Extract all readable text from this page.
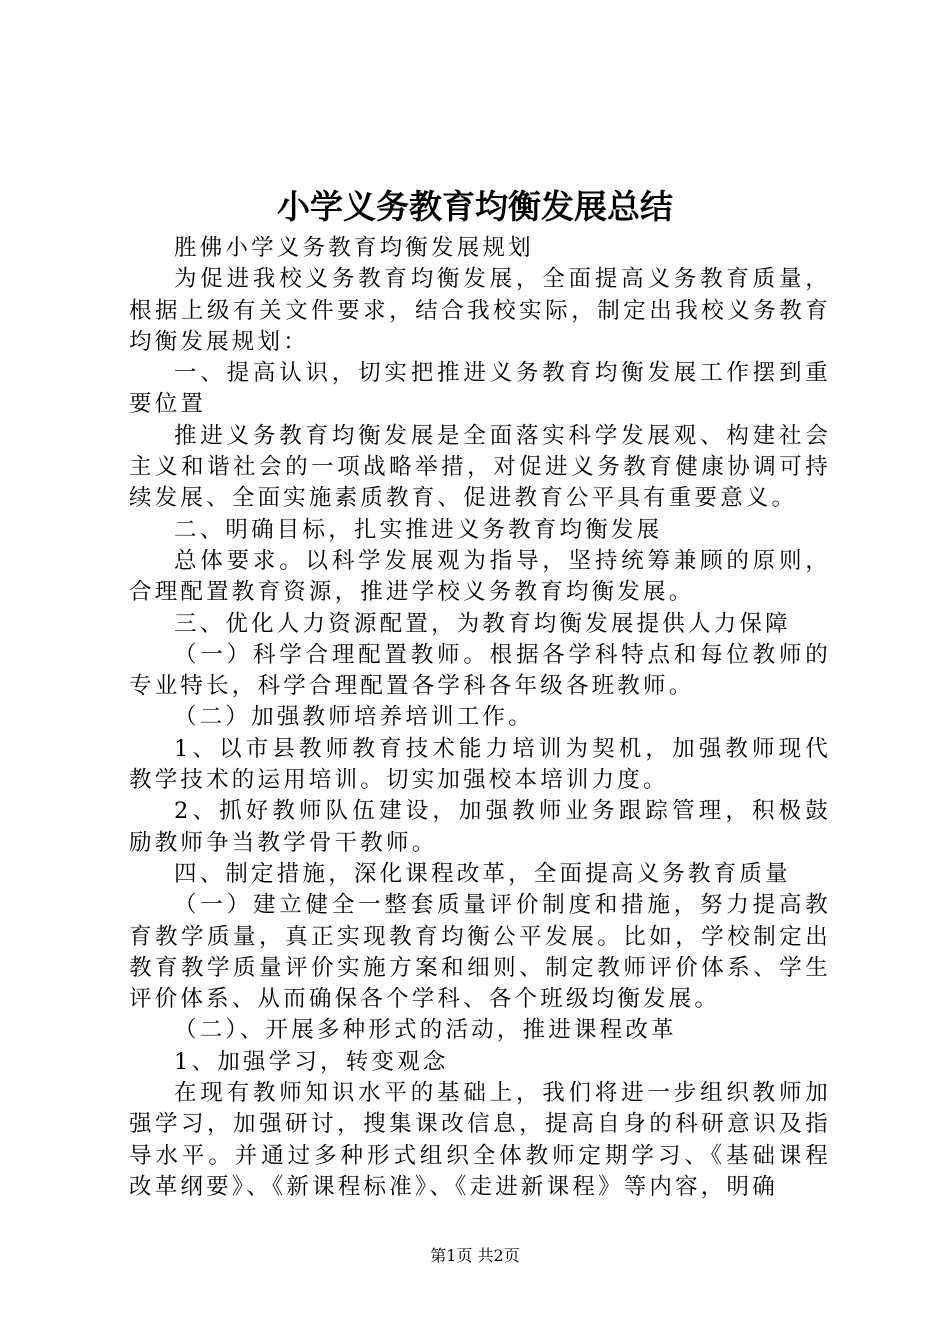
小学义务教育均衡发展总结

胜佛小学义务教育均衡发展规划

为促进我校义务教育均衡发展，全面提高义务教育质量，根据上级有关文件要求，结合我校实际，制定出我校义务教育均衡发展规划：

一、提高认识，切实把推进义务教育均衡发展工作摆到重要位置

推进义务教育均衡发展是全面落实科学发展观、构建社会主义和谐社会的一项战略举措，对促进义务教育健康协调可持续发展、全面实施素质教育、促进教育公平具有重要意义。

二、明确目标，扎实推进义务教育均衡发展

总体要求。以科学发展观为指导，坚持统筹兼顾的原则，合理配置教育资源，推进学校义务教育均衡发展。

三、优化人力资源配置，为教育均衡发展提供人力保障

（一）科学合理配置教师。根据各学科特点和每位教师的专业特长，科学合理配置各学科各年级各班教师。

（二）加强教师培养培训工作。

1、以市县教师教育技术能力培训为契机，加强教师现代教学技术的运用培训。切实加强校本培训力度。

2、抓好教师队伍建设，加强教师业务跟踪管理，积极鼓励教师争当教学骨干教师。

四、制定措施，深化课程改革，全面提高义务教育质量

（一）建立健全一整套质量评价制度和措施，努力提高教育教学质量，真正实现教育均衡公平发展。比如，学校制定出教育教学质量评价实施方案和细则、制定教师评价体系、学生评价体系、从而确保各个学科、各个班级均衡发展。

（二）、开展多种形式的活动，推进课程改革

1、加强学习，转变观念

在现有教师知识水平的基础上，我们将进一步组织教师加强学习，加强研讨，搜集课改信息，提高自身的科研意识及指导水平。并通过多种形式组织全体教师定期学习、《基础课程改革纲要》、《新课程标准》、《走进新课程》等内容，明确

第1页 共2页
